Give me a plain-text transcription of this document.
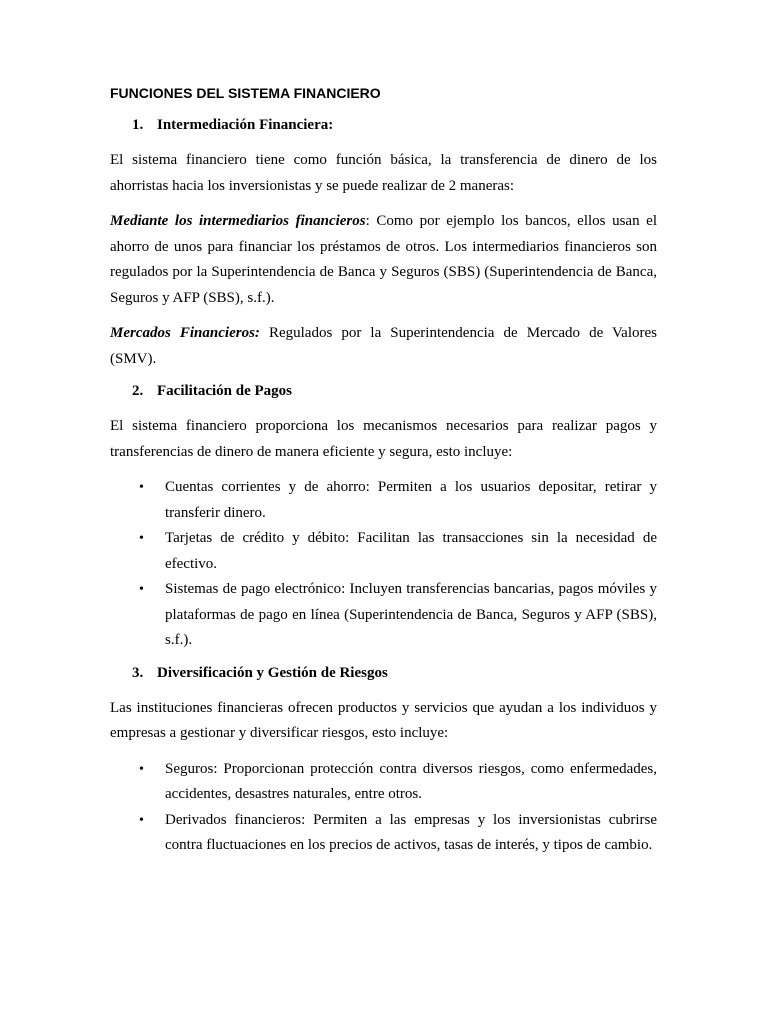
FUNCIONES DEL SISTEMA FINANCIERO
1. Intermediación Financiera:

El sistema financiero tiene como función básica, la transferencia de dinero de los ahorristas hacia los inversionistas y se puede realizar de 2 maneras:

Mediante los intermediarios financieros: Como por ejemplo los bancos, ellos usan el ahorro de unos para financiar los préstamos de otros. Los intermediarios financieros son regulados por la Superintendencia de Banca y Seguros (SBS) (Superintendencia de Banca, Seguros y AFP (SBS), s.f.).

Mercados Financieros: Regulados por la Superintendencia de Mercado de Valores (SMV).

2. Facilitación de Pagos

El sistema financiero proporciona los mecanismos necesarios para realizar pagos y transferencias de dinero de manera eficiente y segura, esto incluye:

• Cuentas corrientes y de ahorro: Permiten a los usuarios depositar, retirar y transferir dinero.
• Tarjetas de crédito y débito: Facilitan las transacciones sin la necesidad de efectivo.
• Sistemas de pago electrónico: Incluyen transferencias bancarias, pagos móviles y plataformas de pago en línea (Superintendencia de Banca, Seguros y AFP (SBS), s.f.).
3. Diversificación y Gestión de Riesgos

Las instituciones financieras ofrecen productos y servicios que ayudan a los individuos y empresas a gestionar y diversificar riesgos, esto incluye:

• Seguros: Proporcionan protección contra diversos riesgos, como enfermedades, accidentes, desastres naturales, entre otros.
• Derivados financieros: Permiten a las empresas y los inversionistas cubrirse contra fluctuaciones en los precios de activos, tasas de interés, y tipos de cambio.
